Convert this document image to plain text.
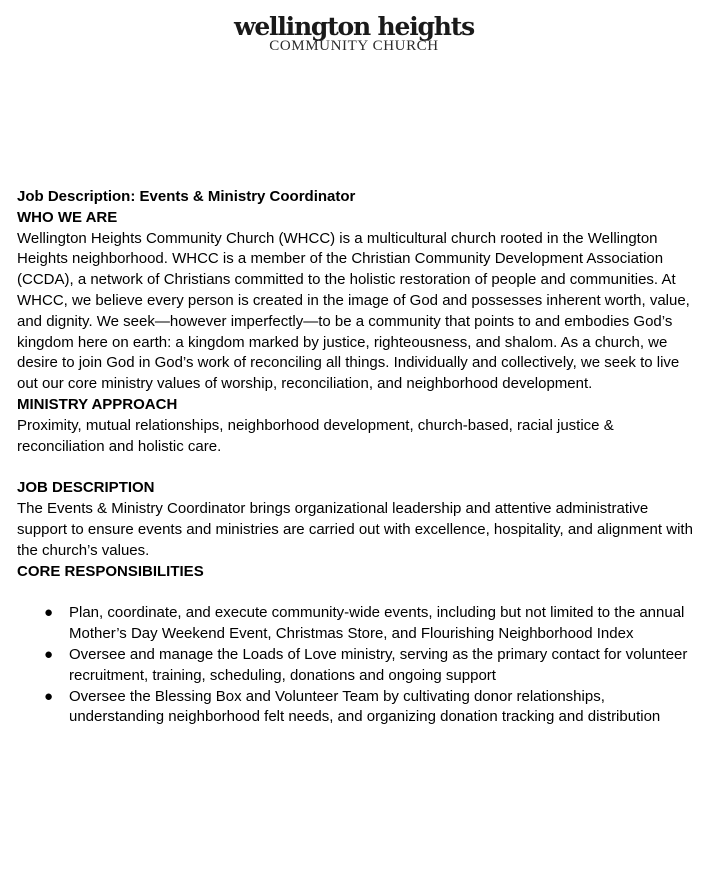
wellington heights
COMMUNITY CHURCH

Job Description: Events & Ministry Coordinator

WHO WE ARE

Wellington Heights Community Church (WHCC) is a multicultural church rooted in the Wellington Heights neighborhood. WHCC is a member of the Christian Community Development Association (CCDA), a network of Christians committed to the holistic restoration of people and communities. At WHCC, we believe every person is created in the image of God and possesses inherent worth, value, and dignity. We seek—however imperfectly—to be a community that points to and embodies God’s kingdom here on earth: a kingdom marked by justice, righteousness, and shalom. As a church, we desire to join God in God’s work of reconciling all things. Individually and collectively, we seek to live out our core ministry values of worship, reconciliation, and neighborhood development.

MINISTRY APPROACH

Proximity, mutual relationships, neighborhood development, church-based, racial justice & reconciliation and holistic care.

JOB DESCRIPTION

The Events & Ministry Coordinator brings organizational leadership and attentive administrative support to ensure events and ministries are carried out with excellence, hospitality, and alignment with the church’s values.

CORE RESPONSIBILITIES

● Plan, coordinate, and execute community-wide events, including but not limited to the annual Mother’s Day Weekend Event, Christmas Store, and Flourishing Neighborhood Index
● Oversee and manage the Loads of Love ministry, serving as the primary contact for volunteer recruitment, training, scheduling, donations and ongoing support
● Oversee the Blessing Box and Volunteer Team by cultivating donor relationships, understanding neighborhood felt needs, and organizing donation tracking and distribution
